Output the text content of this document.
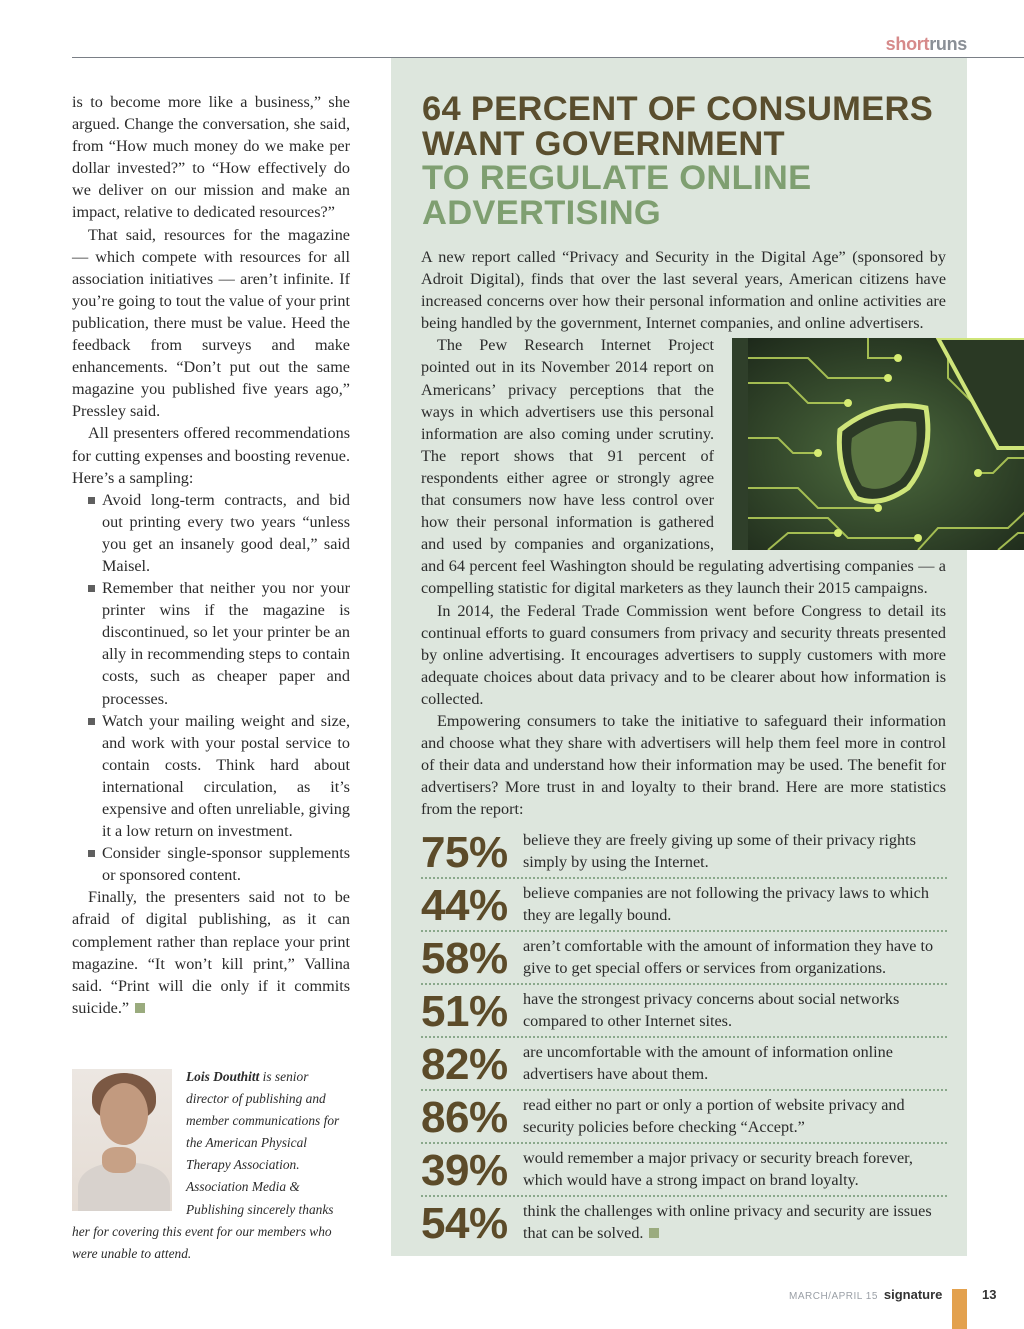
shortruns

is to become more like a business,” she argued. Change the conversation, she said, from “How much money do we make per dollar invested?” to “How effectively do we deliver on our mission and make an impact, relative to dedicated resources?”

That said, resources for the magazine — which compete with resources for all association initiatives — aren’t infinite. If you’re going to tout the value of your print publication, there must be value. Heed the feedback from surveys and make enhancements. “Don’t put out the same magazine you published five years ago,” Pressley said.

All presenters offered recommendations for cutting expenses and boosting revenue. Here’s a sampling:

Avoid long-term contracts, and bid out printing every two years “unless you get an insanely good deal,” said Maisel.
Remember that neither you nor your printer wins if the magazine is discontinued, so let your printer be an ally in recommending steps to contain costs, such as cheaper paper and processes.
Watch your mailing weight and size, and work with your postal service to contain costs. Think hard about international circulation, as it’s expensive and often unreliable, giving it a low return on investment.
Consider single-sponsor supplements or sponsored content.

Finally, the presenters said not to be afraid of digital publishing, as it can complement rather than replace your print magazine. “It won’t kill print,” Vallina said. “Print will die only if it commits suicide.”

Lois Douthitt is senior director of publishing and member communications for the American Physical Therapy Association. Association Media & Publishing sincerely thanks her for covering this event for our members who were unable to attend.
64 PERCENT OF CONSUMERS WANT GOVERNMENT
TO REGULATE ONLINE ADVERTISING

A new report called “Privacy and Security in the Digital Age” (sponsored by Adroit Digital), finds that over the last several years, American citizens have increased concerns over how their personal information and online activities are being handled by the government, Internet companies, and online advertisers.

The Pew Research Internet Project pointed out in its November 2014 report on Americans’ privacy perceptions that the ways in which advertisers use this personal information are also coming under scrutiny. The report shows that 91 percent of respondents either agree or strongly agree that consumers now have less control over how their personal information is gathered and used by companies and organizations, and 64 percent feel Washington should be regulating advertising companies — a compelling statistic for digital marketers as they launch their 2015 campaigns.

In 2014, the Federal Trade Commission went before Congress to detail its continual efforts to guard consumers from privacy and security threats presented by online advertising. It encourages advertisers to supply customers with more adequate choices about data privacy and to be clearer about how information is collected.

Empowering consumers to take the initiative to safeguard their information and choose what they share with advertisers will help them feel more in control of their data and understand how their information may be used. The benefit for advertisers? More trust in and loyalty to their brand. Here are more statistics from the report:

75% believe they are freely giving up some of their privacy rights simply by using the Internet.
44% believe companies are not following the privacy laws to which they are legally bound.
58% aren’t comfortable with the amount of information they have to give to get special offers or services from organizations.
51% have the strongest privacy concerns about social networks compared to other Internet sites.
82% are uncomfortable with the amount of information online advertisers have about them.
86% read either no part or only a portion of website privacy and security policies before checking “Accept.”
39% would remember a major privacy or security breach forever, which would have a strong impact on brand loyalty.
54% think the challenges with online privacy and security are issues that can be solved.
MARCH/APRIL 15 signature	13
